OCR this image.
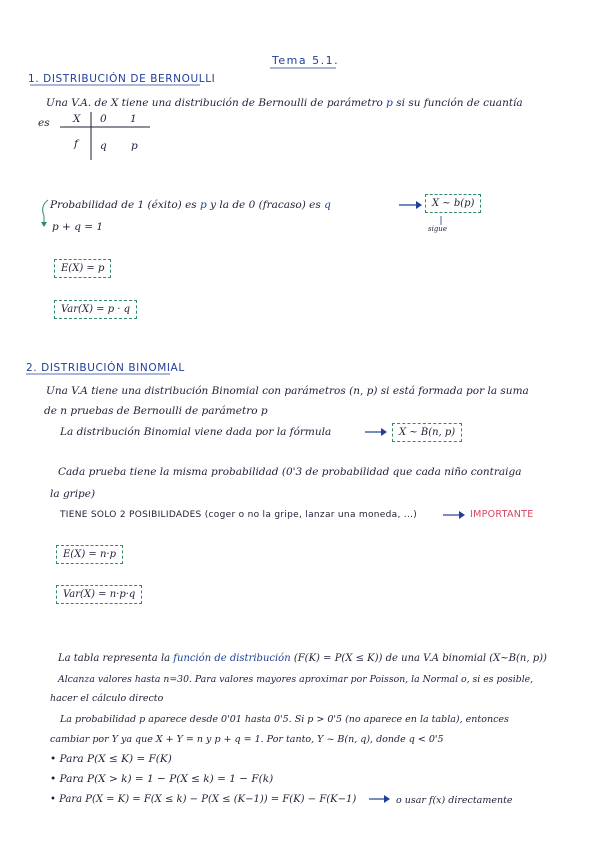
Tema 5.1.
1. DISTRIBUCIÓN DE BERNOULLI
Una V.A. de X tiene una distribución de Bernoulli de parámetro p si su función de cuantía
es X 0 1
f q p
Probabilidad de 1 (éxito) es p y la de 0 (fracaso) es q	X ~ b(p)
sigue
p + q = 1
E(X) = p
Var(X) = p · q
2. DISTRIBUCIÓN BINOMIAL
Una V.A tiene una distribución Binomial con parámetros (n, p) si está formada por la suma
de n pruebas de Bernoulli de parámetro p
La distribución Binomial viene dada por la fórmula	X ~ B(n, p)
Cada prueba tiene la misma probabilidad (0'3 de probabilidad que cada niño contraiga
la gripe)
TIENE SOLO 2 POSIBILIDADES (coger o no la gripe, lanzar una moneda, ...)	IMPORTANTE
E(X) = n·p
Var(X) = n·p·q
La tabla representa la función de distribución (F(K) = P(X ≤ K)) de una V.A binomial (X~B(n, p))
Alcanza valores hasta n=30. Para valores mayores aproximar por Poisson, la Normal o, si es posible,
hacer el cálculo directo
La probabilidad p aparece desde 0'01 hasta 0'5. Si p > 0'5 (no aparece en la tabla), entonces
cambiar por Y ya que X + Y = n y p + q = 1. Por tanto, Y ~ B(n, q), donde q < 0'5
• Para P(X ≤ K) = F(K)
• Para P(X > k) = 1 − P(X ≤ k) = 1 − F(k)
• Para P(X = K) = F(X ≤ k) − P(X ≤ (K−1)) = F(K) − F(K−1)	o usar f(x) directamente
